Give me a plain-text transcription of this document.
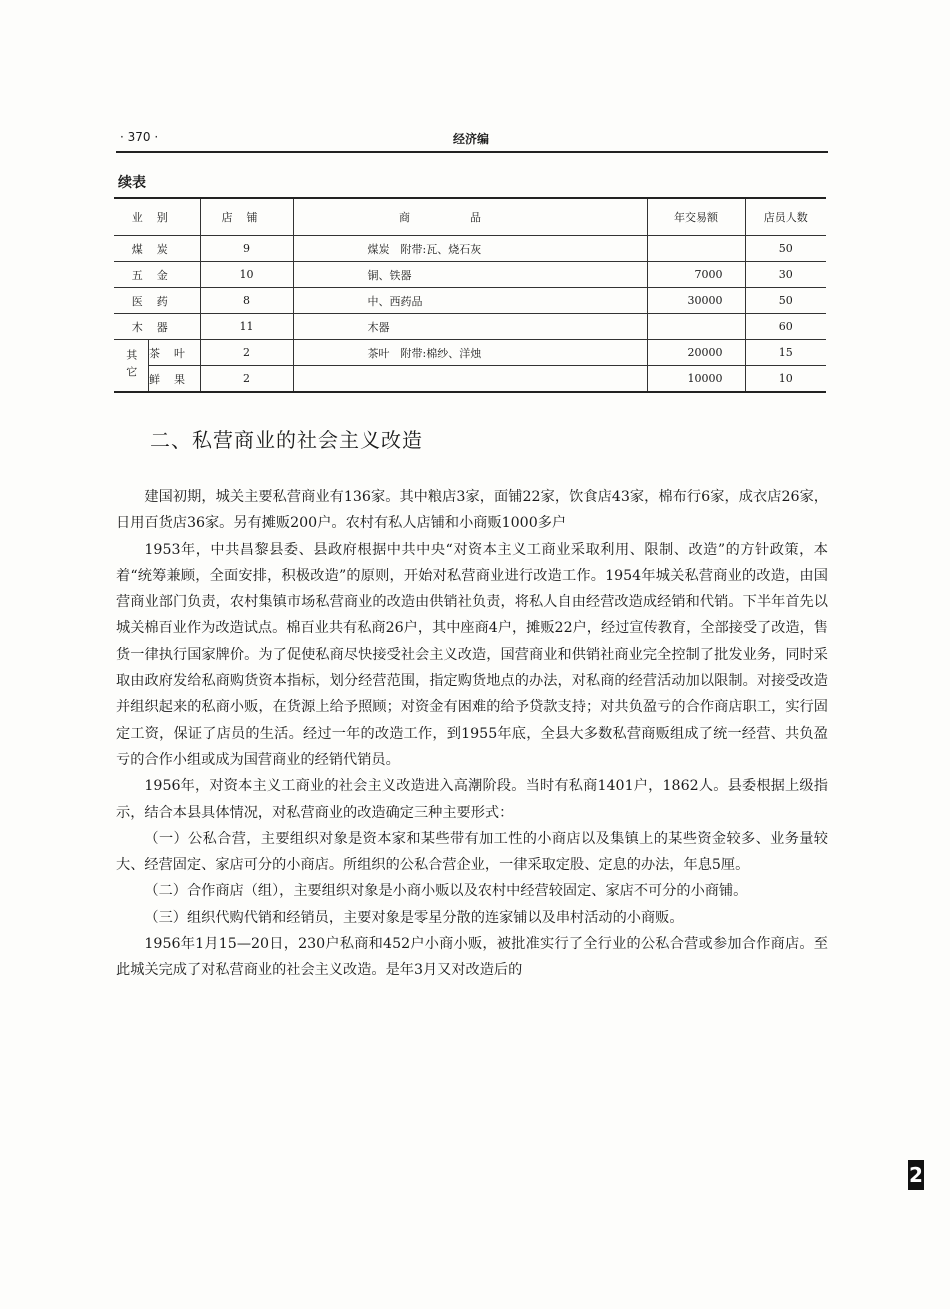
· 370 ·	经济编
续表
业别		店铺	商品	年交易额	店员人数
煤炭		9	煤炭　附带:瓦、烧石灰		50
五金		10	铜、铁器	7000	30
医药		8	中、西药品	30000	50
木器		11	木器		60
其它	茶叶	2	茶叶　附带:棉纱、洋烛	20000	15
	鲜果	2		10000	10
二、私营商业的社会主义改造

建国初期，城关主要私营商业有136家。其中粮店3家，面铺22家，饮食店43家，棉布行6家，成衣店26家，日用百货店36家。另有摊贩200户。农村有私人店铺和小商贩1000多户

1953年，中共昌黎县委、县政府根据中共中央“对资本主义工商业采取利用、限制、改造”的方针政策，本着“统筹兼顾，全面安排，积极改造”的原则，开始对私营商业进行改造工作。1954年城关私营商业的改造，由国营商业部门负责，农村集镇市场私营商业的改造由供销社负责，将私人自由经营改造成经销和代销。下半年首先以城关棉百业作为改造试点。棉百业共有私商26户，其中座商4户，摊贩22户，经过宣传教育，全部接受了改造，售货一律执行国家牌价。为了促使私商尽快接受社会主义改造，国营商业和供销社商业完全控制了批发业务，同时采取由政府发给私商购货资本指标，划分经营范围，指定购货地点的办法，对私商的经营活动加以限制。对接受改造并组织起来的私商小贩，在货源上给予照顾；对资金有困难的给予贷款支持；对共负盈亏的合作商店职工，实行固定工资，保证了店员的生活。经过一年的改造工作，到1955年底，全县大多数私营商贩组成了统一经营、共负盈亏的合作小组或成为国营商业的经销代销员。

1956年，对资本主义工商业的社会主义改造进入高潮阶段。当时有私商1401户，1862人。县委根据上级指示，结合本县具体情况，对私营商业的改造确定三种主要形式：

（一）公私合营，主要组织对象是资本家和某些带有加工性的小商店以及集镇上的某些资金较多、业务量较大、经营固定、家店可分的小商店。所组织的公私合营企业，一律采取定股、定息的办法，年息5厘。

（二）合作商店（组），主要组织对象是小商小贩以及农村中经营较固定、家店不可分的小商铺。

（三）组织代购代销和经销员，主要对象是零星分散的连家铺以及串村活动的小商贩。

1956年1月15—20日，230户私商和452户小商小贩，被批准实行了全行业的公私合营或参加合作商店。至此城关完成了对私营商业的社会主义改造。是年3月又对改造后的

2
